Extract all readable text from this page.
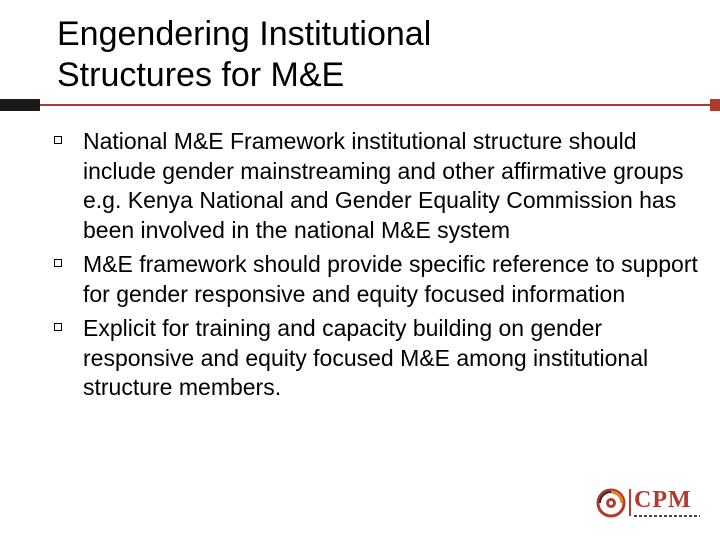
Engendering Institutional
Structures for M&E
National M&E Framework institutional structure should include gender mainstreaming and other affirmative groups e.g. Kenya National and Gender Equality Commission has been involved in the national M&E system
M&E framework should provide specific reference to support for gender responsive and equity focused information
Explicit for training and capacity building on gender responsive and equity focused M&E among institutional structure members.
CPM
